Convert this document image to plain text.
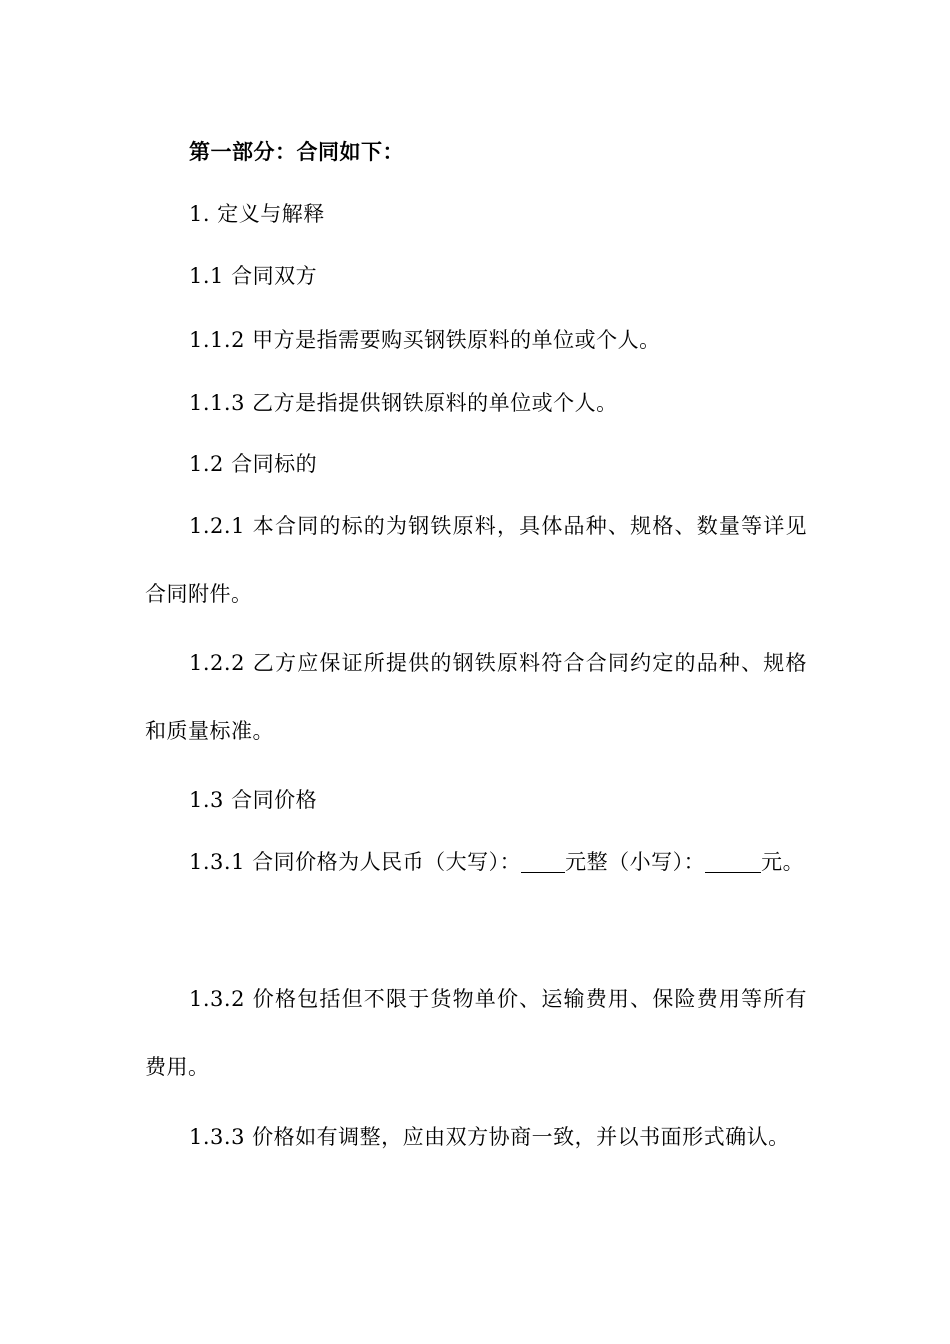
第一部分：合同如下：

1. 定义与解释

1.1 合同双方

1.1.2 甲方是指需要购买钢铁原料的单位或个人。

1.1.3 乙方是指提供钢铁原料的单位或个人。

1.2 合同标的

1.2.1 本合同的标的为钢铁原料，具体品种、规格、数量等详见合同附件。

1.2.2 乙方应保证所提供的钢铁原料符合合同约定的品种、规格和质量标准。

1.3 合同价格

1.3.1 合同价格为人民币（大写）： 元整（小写）：	元。

1.3.2 价格包括但不限于货物单价、运输费用、保险费用等所有费用。

1.3.3 价格如有调整，应由双方协商一致，并以书面形式确认。
